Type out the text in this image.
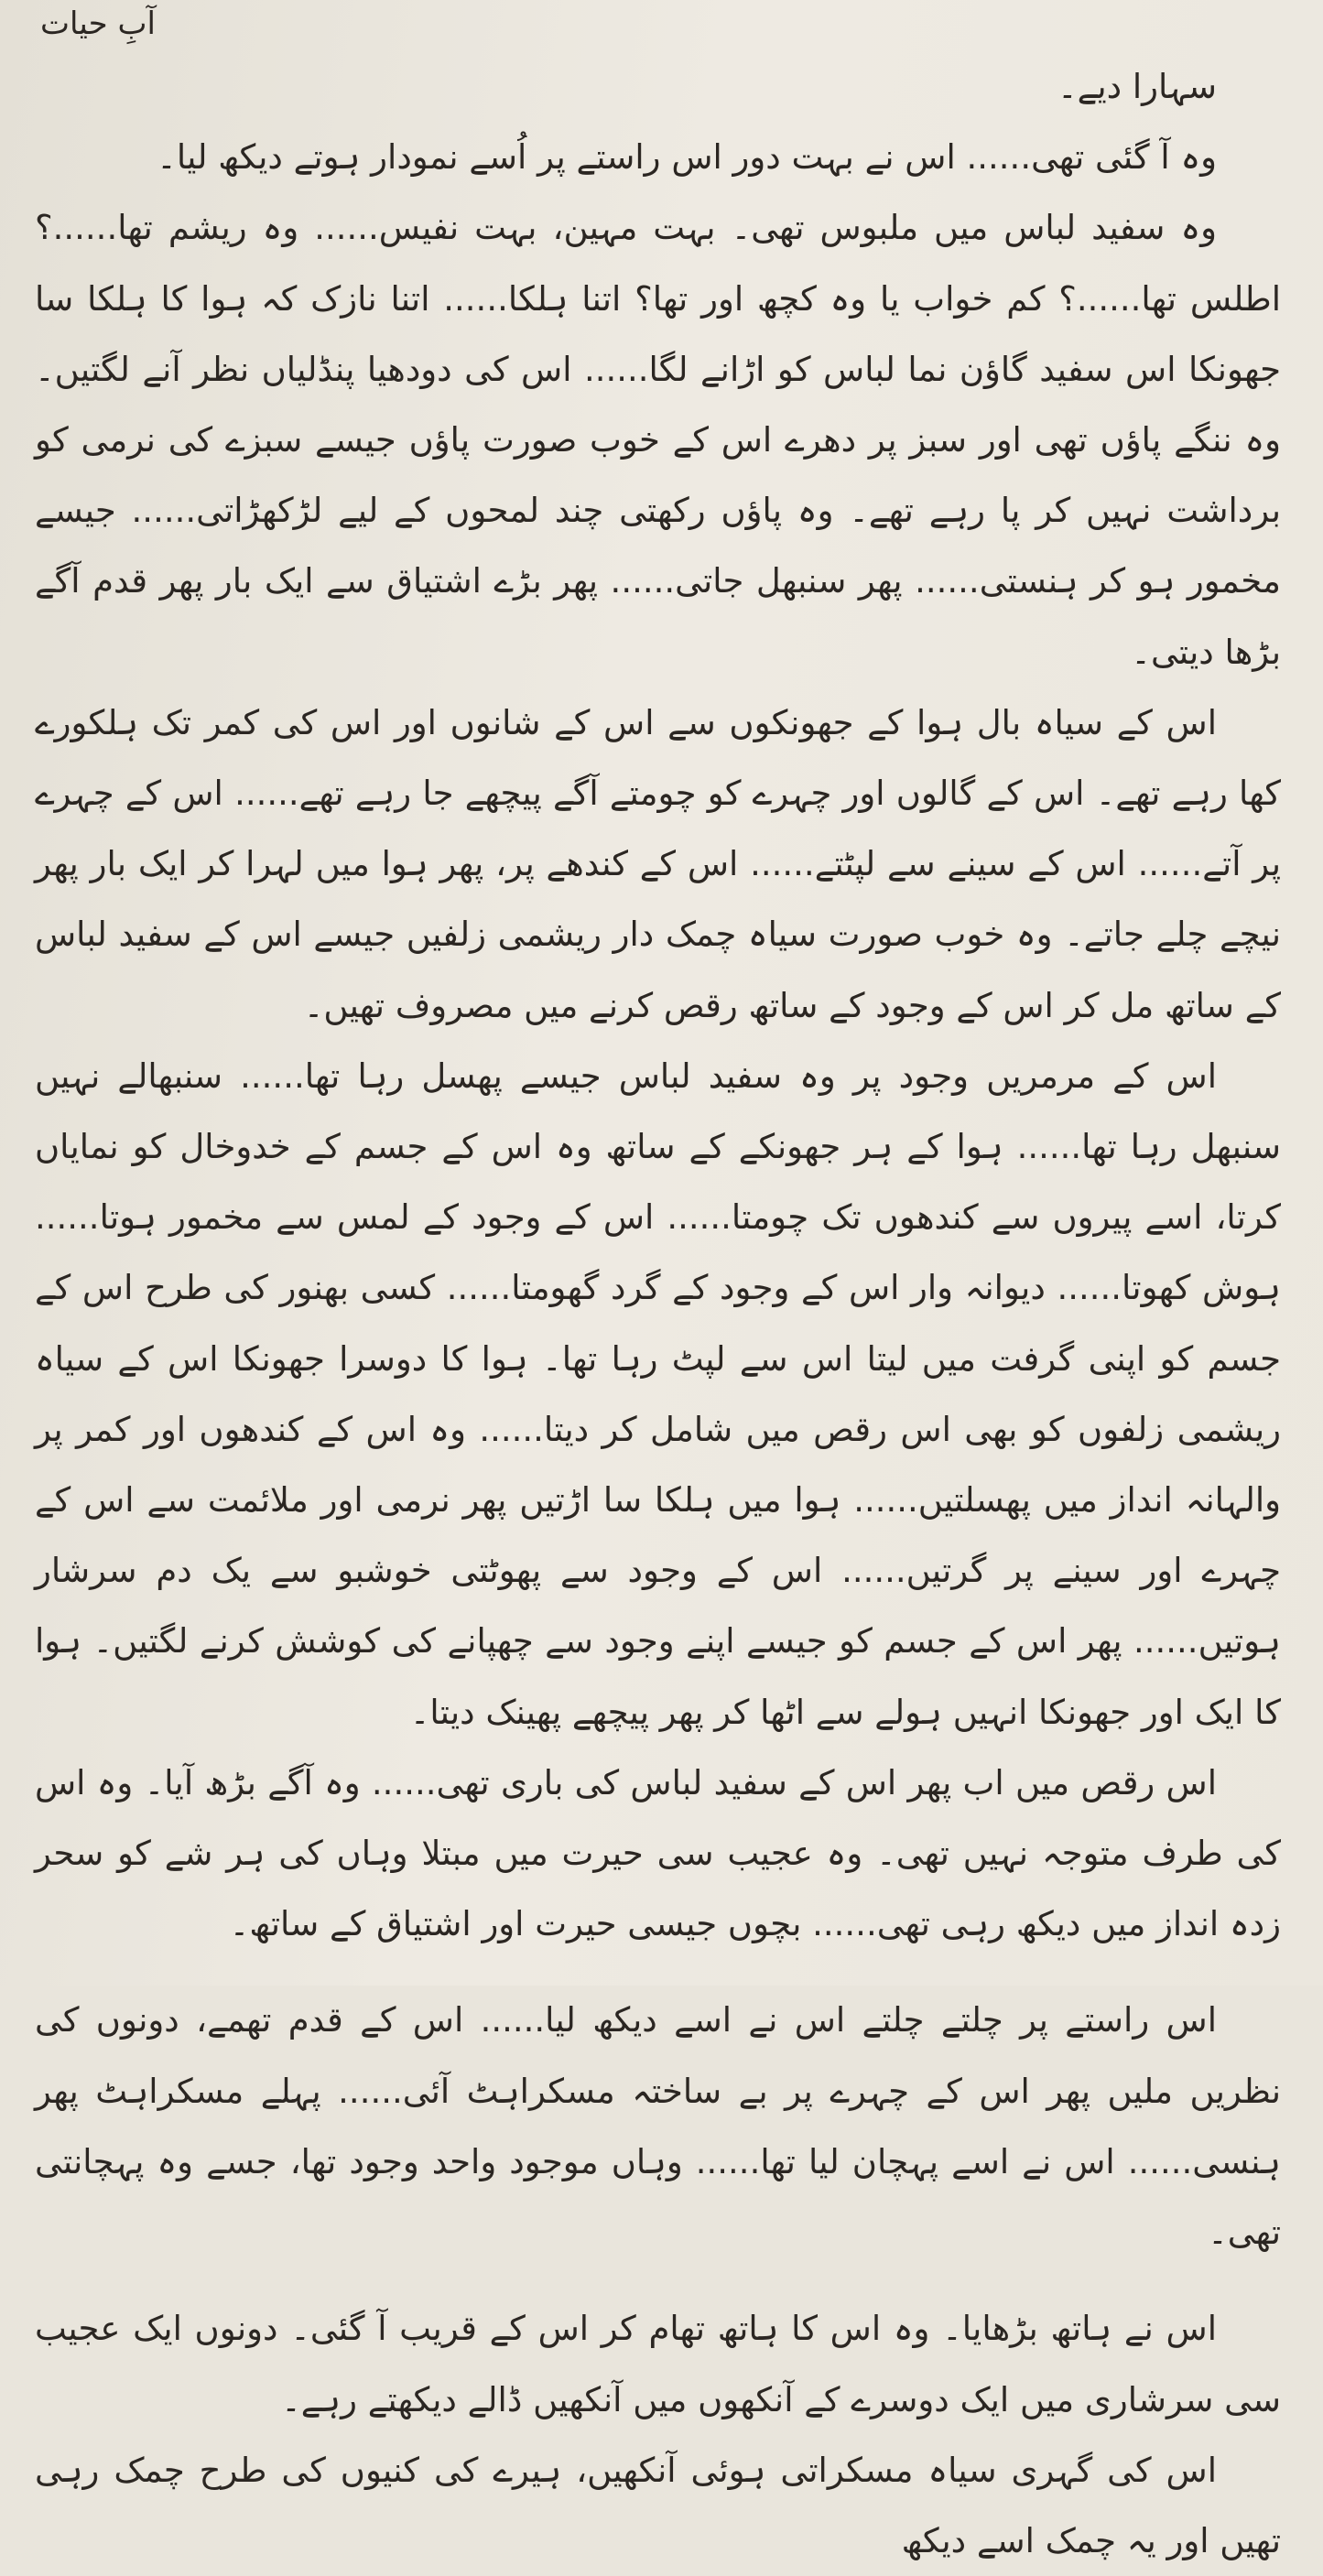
آبِ حیات

سہارا دیے۔

وہ آ گئی تھی...... اس نے بہت دور اس راستے پر اُسے نمودار ہوتے دیکھ لیا۔

وہ سفید لباس میں ملبوس تھی۔ بہت مہین، بہت نفیس...... وہ ریشم تھا......؟ اطلس تھا......؟ کم خواب یا وہ کچھ اور تھا؟ اتنا ہلکا...... اتنا نازک کہ ہوا کا ہلکا سا جھونکا اس سفید گاؤن نما لباس کو اڑانے لگا...... اس کی دودھیا پنڈلیاں نظر آنے لگتیں۔ وہ ننگے پاؤں تھی اور سبز پر دھرے اس کے خوب صورت پاؤں جیسے سبزے کی نرمی کو برداشت نہیں کر پا رہے تھے۔ وہ پاؤں رکھتی چند لمحوں کے لیے لڑکھڑاتی...... جیسے مخمور ہو کر ہنستی...... پھر سنبھل جاتی...... پھر بڑے اشتیاق سے ایک بار پھر قدم آگے بڑھا دیتی۔

اس کے سیاہ بال ہوا کے جھونکوں سے اس کے شانوں اور اس کی کمر تک ہلکورے کھا رہے تھے۔ اس کے گالوں اور چہرے کو چومتے آگے پیچھے جا رہے تھے...... اس کے چہرے پر آتے...... اس کے سینے سے لپٹتے...... اس کے کندھے پر، پھر ہوا میں لہرا کر ایک بار پھر نیچے چلے جاتے۔ وہ خوب صورت سیاہ چمک دار ریشمی زلفیں جیسے اس کے سفید لباس کے ساتھ مل کر اس کے وجود کے ساتھ رقص کرنے میں مصروف تھیں۔

اس کے مرمریں وجود پر وہ سفید لباس جیسے پھسل رہا تھا...... سنبھالے نہیں سنبھل رہا تھا...... ہوا کے ہر جھونکے کے ساتھ وہ اس کے جسم کے خدوخال کو نمایاں کرتا، اسے پیروں سے کندھوں تک چومتا...... اس کے وجود کے لمس سے مخمور ہوتا...... ہوش کھوتا...... دیوانہ وار اس کے وجود کے گرد گھومتا...... کسی بھنور کی طرح اس کے جسم کو اپنی گرفت میں لیتا اس سے لپٹ رہا تھا۔ ہوا کا دوسرا جھونکا اس کے سیاہ ریشمی زلفوں کو بھی اس رقص میں شامل کر دیتا...... وہ اس کے کندھوں اور کمر پر والہانہ انداز میں پھسلتیں...... ہوا میں ہلکا سا اڑتیں پھر نرمی اور ملائمت سے اس کے چہرے اور سینے پر گرتیں...... اس کے وجود سے پھوٹتی خوشبو سے یک دم سرشار ہوتیں...... پھر اس کے جسم کو جیسے اپنے وجود سے چھپانے کی کوشش کرنے لگتیں۔ ہوا کا ایک اور جھونکا انہیں ہولے سے اٹھا کر پھر پیچھے پھینک دیتا۔

اس رقص میں اب پھر اس کے سفید لباس کی باری تھی...... وہ آگے بڑھ آیا۔ وہ اس کی طرف متوجہ نہیں تھی۔ وہ عجیب سی حیرت میں مبتلا وہاں کی ہر شے کو سحر زدہ انداز میں دیکھ رہی تھی...... بچوں جیسی حیرت اور اشتیاق کے ساتھ۔

اس راستے پر چلتے چلتے اس نے اسے دیکھ لیا...... اس کے قدم تھمے، دونوں کی نظریں ملیں پھر اس کے چہرے پر بے ساختہ مسکراہٹ آئی...... پہلے مسکراہٹ پھر ہنسی...... اس نے اسے پہچان لیا تھا...... وہاں موجود واحد وجود تھا، جسے وہ پہچانتی تھی۔

اس نے ہاتھ بڑھایا۔ وہ اس کا ہاتھ تھام کر اس کے قریب آ گئی۔ دونوں ایک عجیب سی سرشاری میں ایک دوسرے کے آنکھوں میں آنکھیں ڈالے دیکھتے رہے۔

اس کی گہری سیاہ مسکراتی ہوئی آنکھیں، ہیرے کی کنیوں کی طرح چمک رہی تھیں اور یہ چمک اسے دیکھ
